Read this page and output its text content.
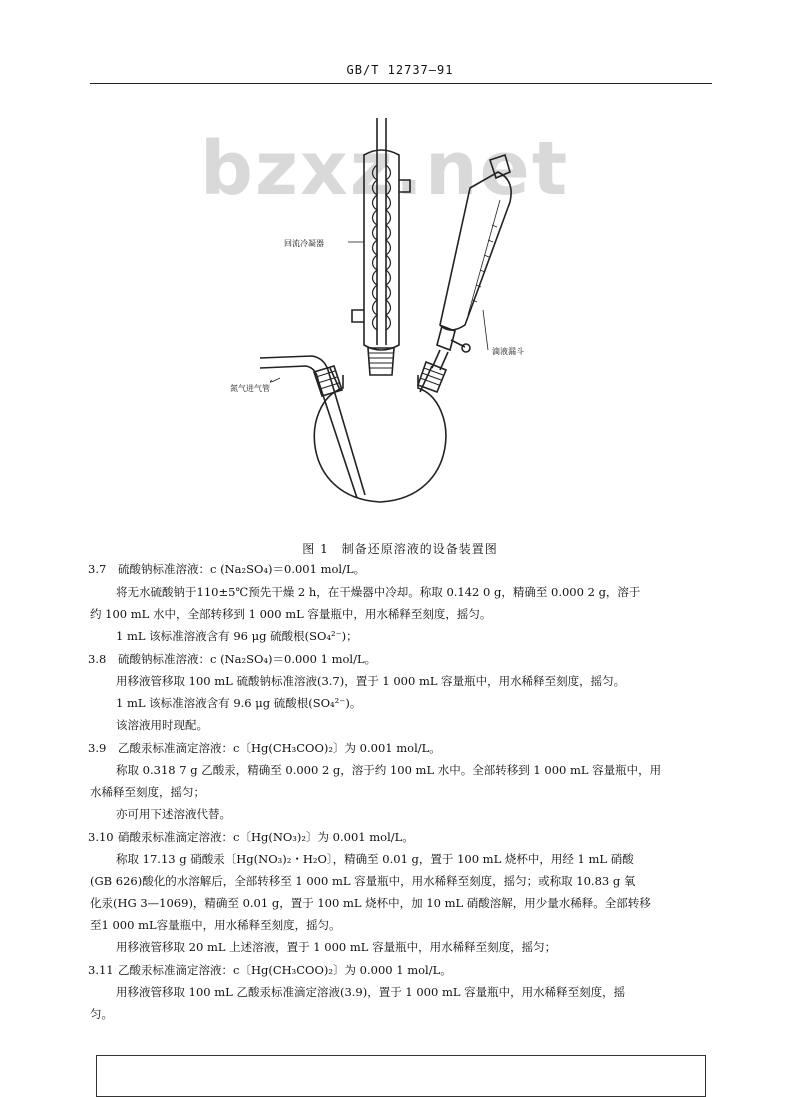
GB/T 12737—91
bzxz.net
回流冷凝器
滴液漏斗
氮气进气管
图 1　制备还原溶液的设备装置图
3.7 硫酸钠标准溶液：c (Na₂SO₄)＝0.001 mol/L。
将无水硫酸钠于110±5℃预先干燥 2 h，在干燥器中冷却。称取 0.142 0 g，精确至 0.000 2 g，溶于
约 100 mL 水中，全部转移到 1 000 mL 容量瓶中，用水稀释至刻度，摇匀。
1 mL 该标准溶液含有 96 μg 硫酸根(SO₄²⁻)；
3.8 硫酸钠标准溶液：c (Na₂SO₄)＝0.000 1 mol/L。
用移液管移取 100 mL 硫酸钠标准溶液(3.7)，置于 1 000 mL 容量瓶中，用水稀释至刻度，摇匀。
1 mL 该标准溶液含有 9.6 μg 硫酸根(SO₄²⁻)。
该溶液用时现配。
3.9 乙酸汞标准滴定溶液：c〔Hg(CH₃COO)₂〕为 0.001 mol/L。
称取 0.318 7 g 乙酸汞，精确至 0.000 2 g，溶于约 100 mL 水中。全部转移到 1 000 mL 容量瓶中，用
水稀释至刻度，摇匀；
亦可用下述溶液代替。
3.10 硝酸汞标准滴定溶液：c〔Hg(NO₃)₂〕为 0.001 mol/L。
称取 17.13 g 硝酸汞〔Hg(NO₃)₂・H₂O〕，精确至 0.01 g，置于 100 mL 烧杯中，用经 1 mL 硝酸
(GB 626)酸化的水溶解后，全部转移至 1 000 mL 容量瓶中，用水稀释至刻度，摇匀；或称取 10.83 g 氧
化汞(HG 3—1069)，精确至 0.01 g，置于 100 mL 烧杯中，加 10 mL 硝酸溶解，用少量水稀释。全部转移
至1 000 mL容量瓶中，用水稀释至刻度，摇匀。
用移液管移取 20 mL 上述溶液，置于 1 000 mL 容量瓶中，用水稀释至刻度，摇匀；
3.11 乙酸汞标准滴定溶液：c〔Hg(CH₃COO)₂〕为 0.000 1 mol/L。
用移液管移取 100 mL 乙酸汞标准滴定溶液(3.9)，置于 1 000 mL 容量瓶中，用水稀释至刻度，摇
匀。
